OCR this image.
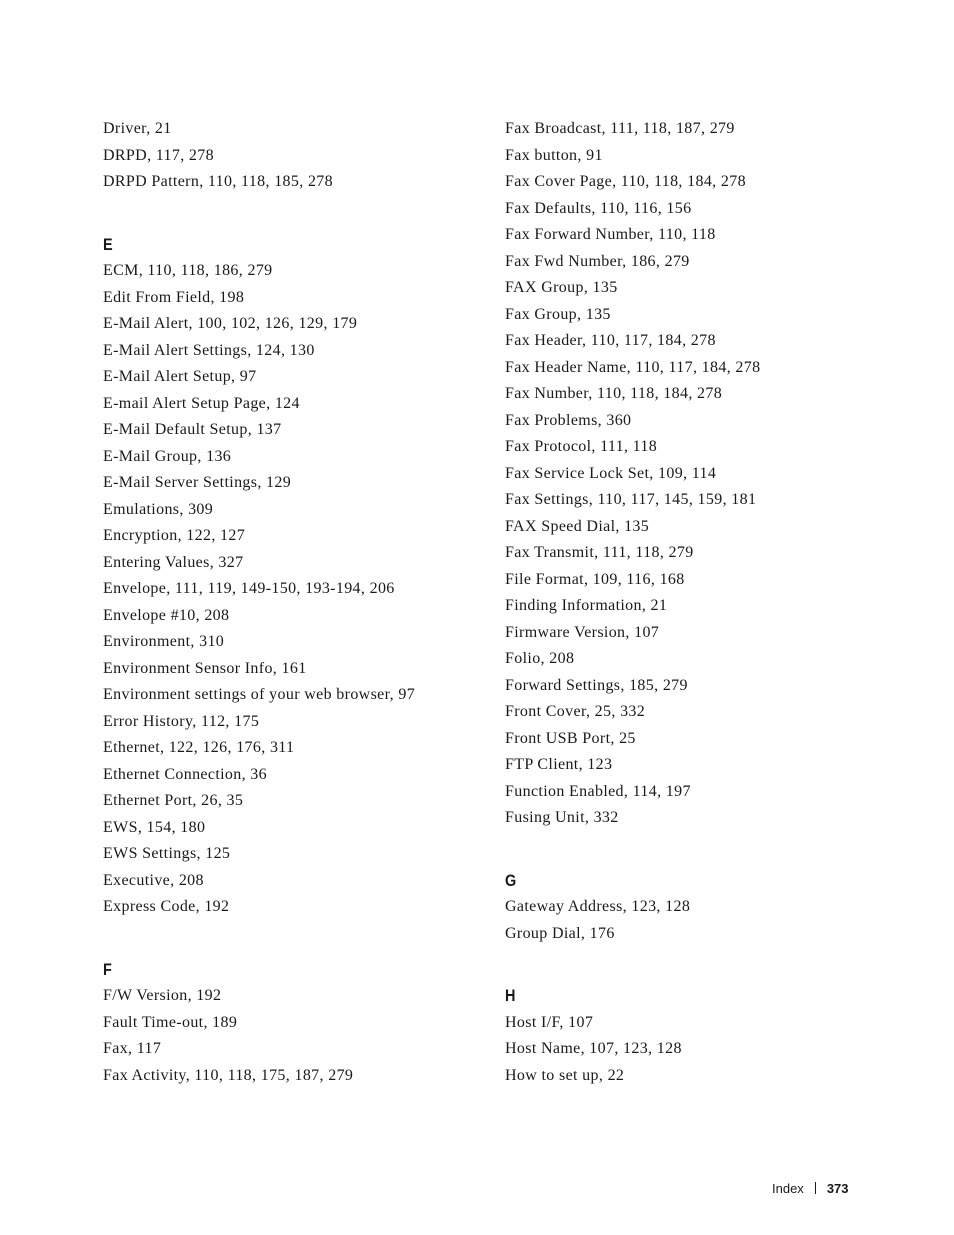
Driver, 21
DRPD, 117, 278
DRPD Pattern, 110, 118, 185, 278
E
ECM, 110, 118, 186, 279
Edit From Field, 198
E-Mail Alert, 100, 102, 126, 129, 179
E-Mail Alert Settings, 124, 130
E-Mail Alert Setup, 97
E-mail Alert Setup Page, 124
E-Mail Default Setup, 137
E-Mail Group, 136
E-Mail Server Settings, 129
Emulations, 309
Encryption, 122, 127
Entering Values, 327
Envelope, 111, 119, 149-150, 193-194, 206
Envelope #10, 208
Environment, 310
Environment Sensor Info, 161
Environment settings of your web browser, 97
Error History, 112, 175
Ethernet, 122, 126, 176, 311
Ethernet Connection, 36
Ethernet Port, 26, 35
EWS, 154, 180
EWS Settings, 125
Executive, 208
Express Code, 192
F
F/W Version, 192
Fault Time-out, 189
Fax, 117
Fax Activity, 110, 118, 175, 187, 279
Fax Broadcast, 111, 118, 187, 279
Fax button, 91
Fax Cover Page, 110, 118, 184, 278
Fax Defaults, 110, 116, 156
Fax Forward Number, 110, 118
Fax Fwd Number, 186, 279
FAX Group, 135
Fax Group, 135
Fax Header, 110, 117, 184, 278
Fax Header Name, 110, 117, 184, 278
Fax Number, 110, 118, 184, 278
Fax Problems, 360
Fax Protocol, 111, 118
Fax Service Lock Set, 109, 114
Fax Settings, 110, 117, 145, 159, 181
FAX Speed Dial, 135
Fax Transmit, 111, 118, 279
File Format, 109, 116, 168
Finding Information, 21
Firmware Version, 107
Folio, 208
Forward Settings, 185, 279
Front Cover, 25, 332
Front USB Port, 25
FTP Client, 123
Function Enabled, 114, 197
Fusing Unit, 332
G
Gateway Address, 123, 128
Group Dial, 176
H
Host I/F, 107
Host Name, 107, 123, 128
How to set up, 22
Index 373
